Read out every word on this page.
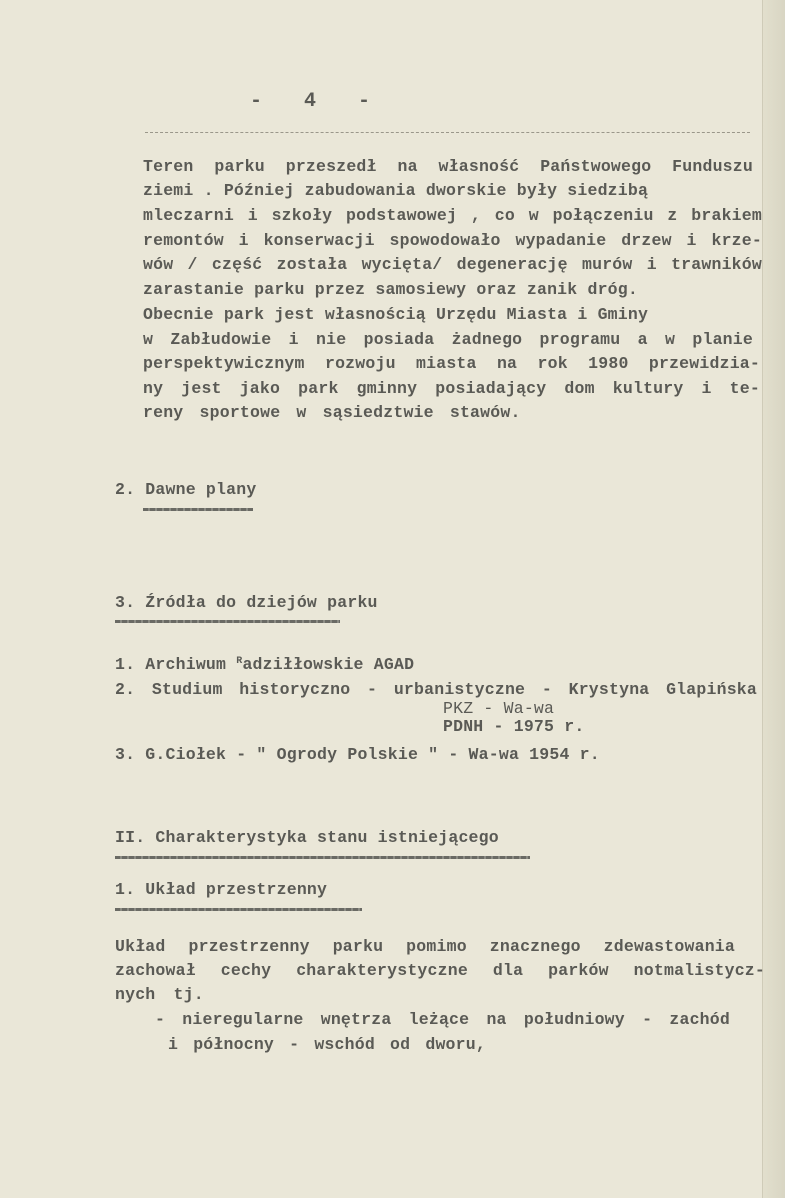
- 4 -
Teren parku przeszedł na własność Państwowego Funduszu
ziemi . Później zabudowania dworskie były siedzibą
mleczarni i szkoły podstawowej , co w połączeniu z brakiem
remontów i konserwacji spowodowało wypadanie drzew i krze-
wów / część została wycięta/ degenerację murów i trawników
zarastanie parku przez samosiewy oraz zanik dróg.
Obecnie park jest własnością Urzędu Miasta i Gminy
w Zabłudowie i nie posiada żadnego programu a w planie
perspektywicznym rozwoju miasta na rok 1980 przewidzia-
ny jest jako park gminny posiadający dom kultury i te-
reny sportowe w sąsiedztwie stawów.
2. Dawne plany
3. Źródła do dziejów parku
1. Archiwum $^R$adziłłowskie AGAD
2. Studium historyczno - urbanistyczne - Krystyna Glapińska
PKZ - Wa-wa
PDNH - 1975 r.
3. G.Ciołek - " Ogrody Polskie " - Wa-wa 1954 r.
II. Charakterystyka stanu istniejącego
1. Układ przestrzenny
Układ przestrzenny parku pomimo znacznego zdewastowania
zachował cechy charakterystyczne dla parków notmalistycz-
nych tj.
- nieregularne wnętrza leżące na południowy - zachód
i północny - wschód od dworu,
